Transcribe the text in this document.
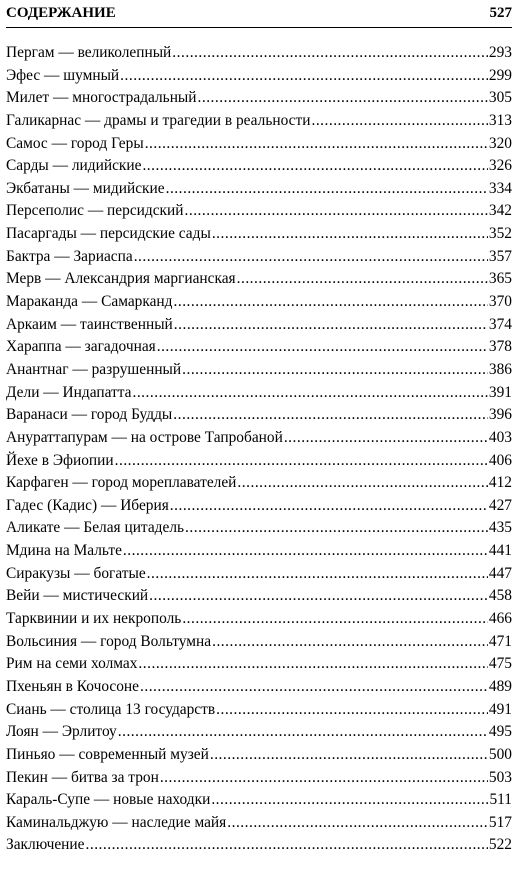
СОДЕРЖАНИЕ	527
Пергам — великолепный .....	293
Эфес — шумный .....	299
Милет — многострадальный .....	305
Галикарнас — драмы и трагедии в реальности .....	313
Самос — город Геры .....	320
Сарды — лидийские .....	326
Экбатаны — мидийские .....	334
Персеполис — персидский .....	342
Пасаргады — персидские сады .....	352
Бактра — Зариаспа .....	357
Мерв — Александрия маргианская .....	365
Мараканда — Самарканд .....	370
Аркаим — таинственный .....	374
Хараппа — загадочная .....	378
Анантнаг — разрушенный .....	386
Дели — Индапатта .....	391
Варанаси — город Будды .....	396
Анураттапурам — на острове Тапробаной .....	403
Йехе в Эфиопии .....	406
Карфаген — город мореплавателей .....	412
Гадес (Кадис) — Иберия .....	427
Аликате — Белая цитадель .....	435
Мдина на Мальте .....	441
Сиракузы — богатые .....	447
Вейи — мистический .....	458
Тарквинии и их некрополь .....	466
Вольсиния — город Вольтумна .....	471
Рим на семи холмах .....	475
Пхеньян в Кочосоне .....	489
Сиань — столица 13 государств .....	491
Лоян — Эрлитоу .....	495
Пиньяо — современный музей .....	500
Пекин — битва за трон .....	503
Караль-Супе — новые находки .....	511
Каминальджую — наследие майя .....	517
Заключение .....	522
